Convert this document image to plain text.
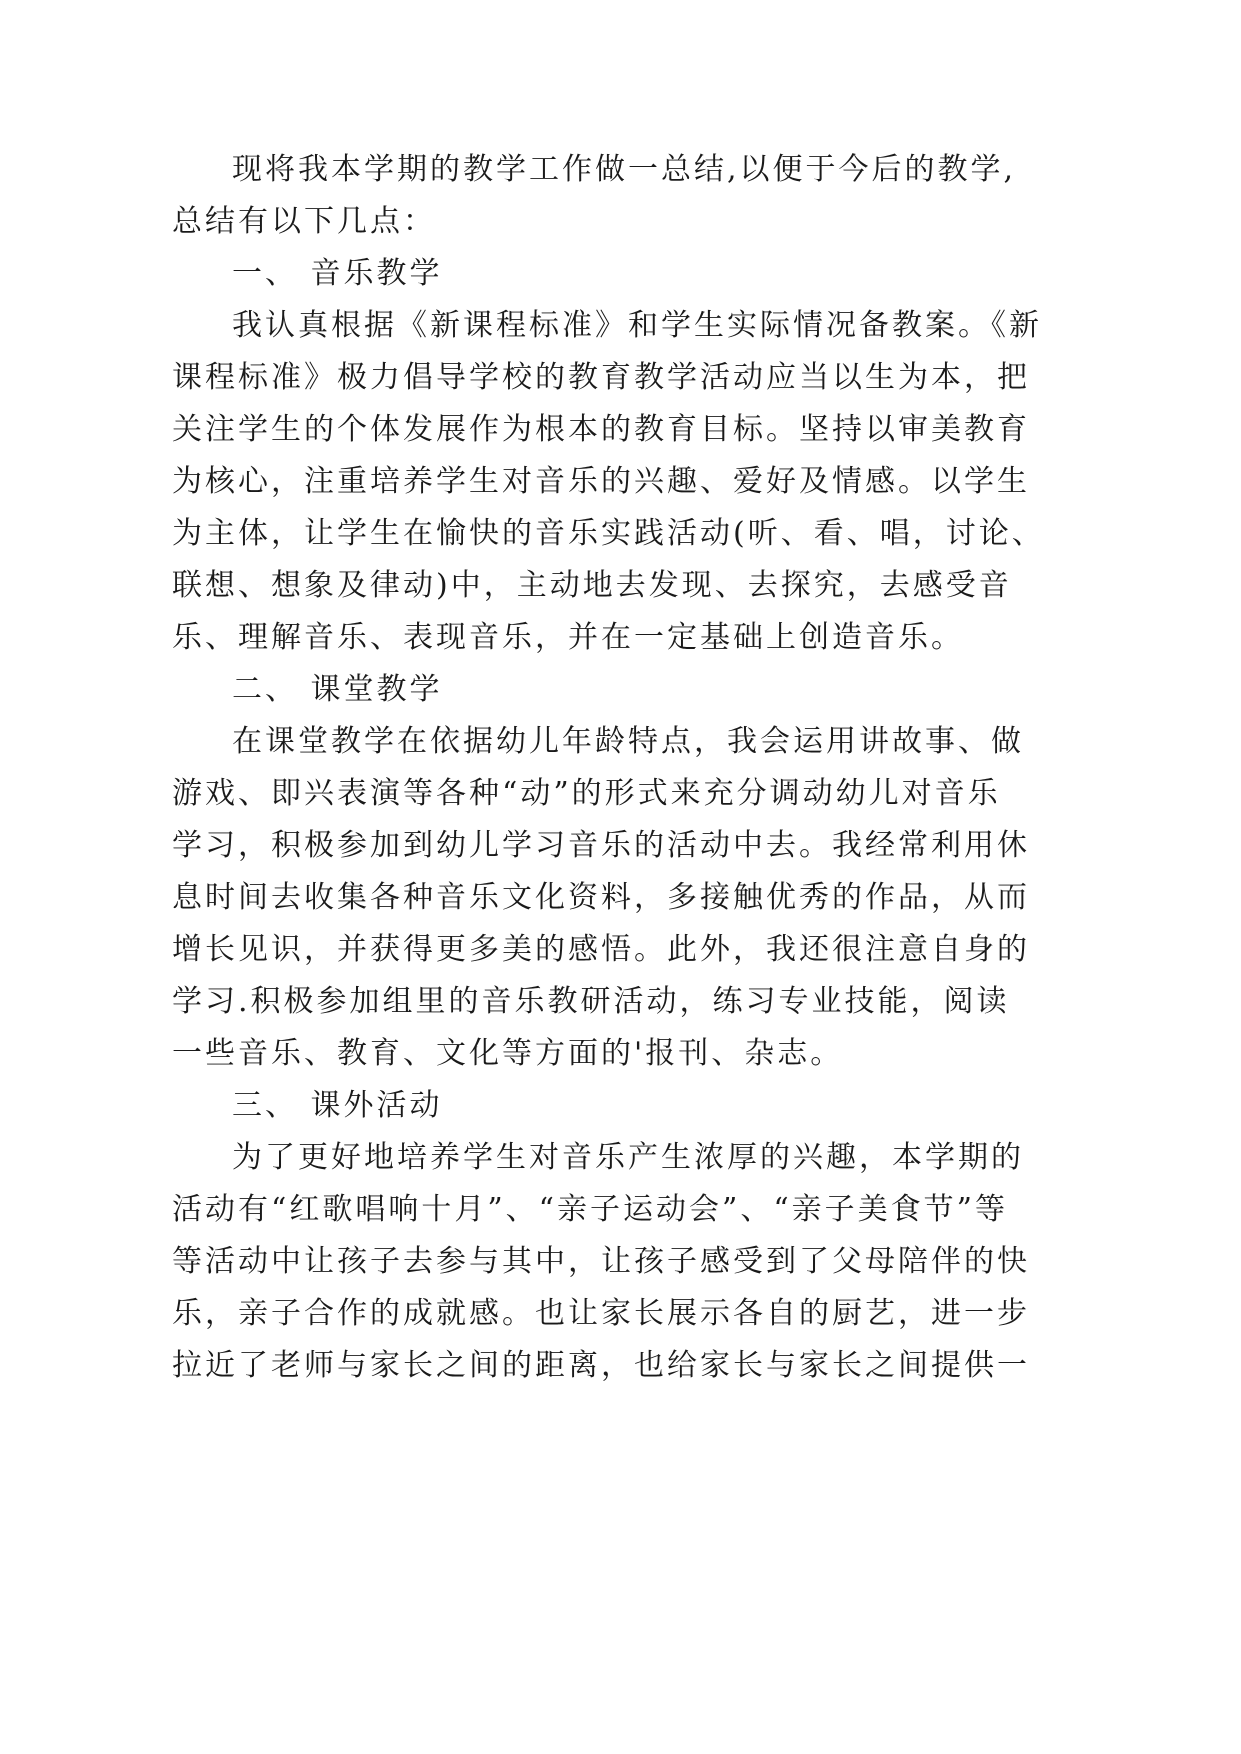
现将我本学期的教学工作做一总结,以便于今后的教学,

总结有以下几点：

一、 音乐教学

我认真根据《新课程标准》和学生实际情况备教案。《新

课程标准》极力倡导学校的教育教学活动应当以生为本，把

关注学生的个体发展作为根本的教育目标。坚持以审美教育

为核心，注重培养学生对音乐的兴趣、爱好及情感。以学生

为主体，让学生在愉快的音乐实践活动(听、看、唱，讨论、

联想、想象及律动)中，主动地去发现、去探究，去感受音

乐、理解音乐、表现音乐，并在一定基础上创造音乐。

二、 课堂教学

在课堂教学在依据幼儿年龄特点，我会运用讲故事、做

游戏、即兴表演等各种“动”的形式来充分调动幼儿对音乐

学习，积极参加到幼儿学习音乐的活动中去。我经常利用休

息时间去收集各种音乐文化资料，多接触优秀的作品，从而

增长见识，并获得更多美的感悟。此外，我还很注意自身的

学习.积极参加组里的音乐教研活动，练习专业技能，阅读

一些音乐、教育、文化等方面的'报刊、杂志。

三、 课外活动

为了更好地培养学生对音乐产生浓厚的兴趣，本学期的

活动有“红歌唱响十月”、“亲子运动会”、“亲子美食节”等

等活动中让孩子去参与其中，让孩子感受到了父母陪伴的快

乐，亲子合作的成就感。也让家长展示各自的厨艺，进一步

拉近了老师与家长之间的距离，也给家长与家长之间提供一
